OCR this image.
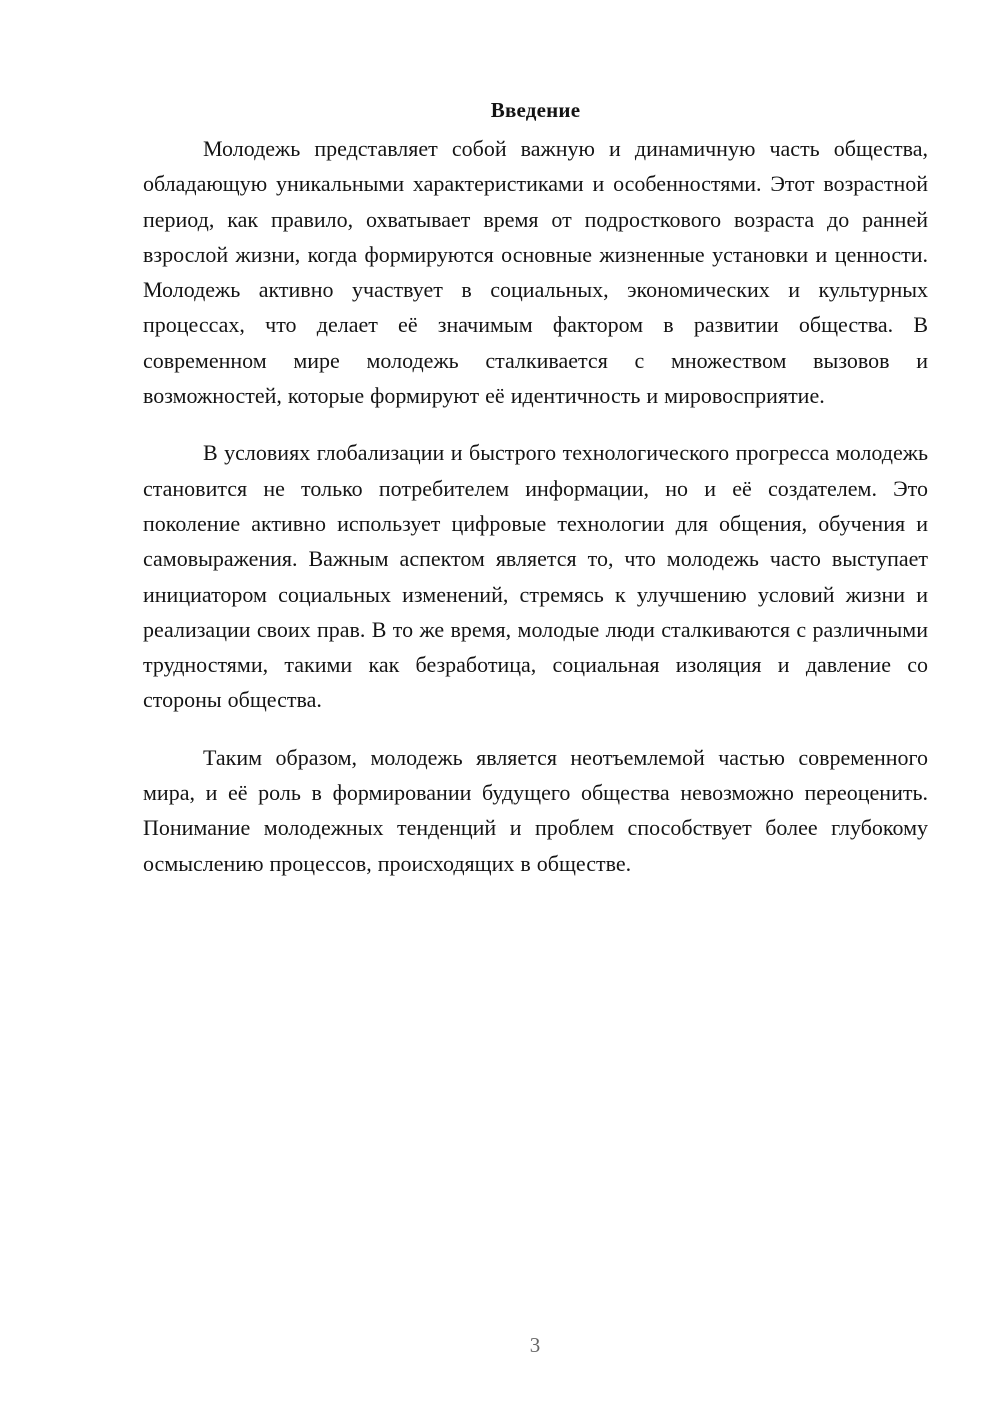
Введение

Молодежь представляет собой важную и динамичную часть общества, обладающую уникальными характеристиками и особенностями. Этот возрастной период, как правило, охватывает время от подросткового возраста до ранней взрослой жизни, когда формируются основные жизненные установки и ценности. Молодежь активно участвует в социальных, экономических и культурных процессах, что делает её значимым фактором в развитии общества. В современном мире молодежь сталкивается с множеством вызовов и возможностей, которые формируют её идентичность и мировосприятие.

В условиях глобализации и быстрого технологического прогресса молодежь становится не только потребителем информации, но и её создателем. Это поколение активно использует цифровые технологии для общения, обучения и самовыражения. Важным аспектом является то, что молодежь часто выступает инициатором социальных изменений, стремясь к улучшению условий жизни и реализации своих прав. В то же время, молодые люди сталкиваются с различными трудностями, такими как безработица, социальная изоляция и давление со стороны общества.

Таким образом, молодежь является неотъемлемой частью современного мира, и её роль в формировании будущего общества невозможно переоценить. Понимание молодежных тенденций и проблем способствует более глубокому осмыслению процессов, происходящих в обществе.

3
